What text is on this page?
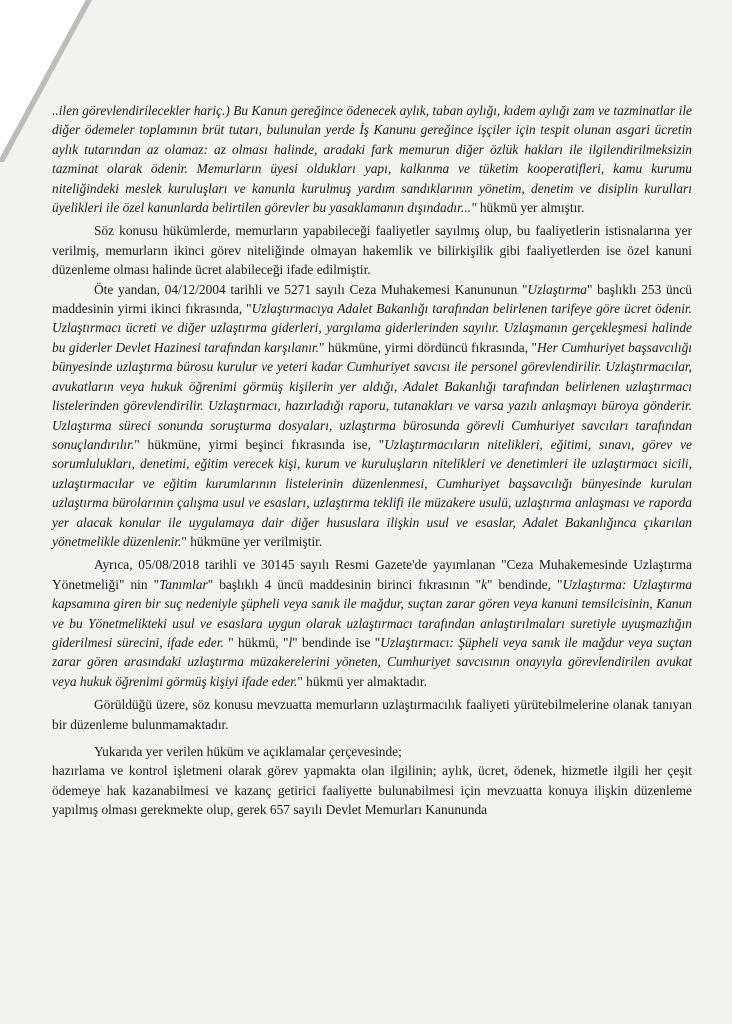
..ilen görevlendirilecekler hariç.) Bu Kanun gereğince ödenecek aylık, taban aylığı, kıdem aylığı zam ve tazminatlar ile diğer ödemeler toplamının brüt tutarı, bulunulan yerde İş Kanunu gereğince işçiler için tespit olunan asgari ücretin aylık tutarından az olamaz: az olması halinde, aradaki fark memurun diğer özlük hakları ile ilgilendirilmeksizin tazminat olarak ödenir. Memurların üyesi oldukları yapı, kalkınma ve tüketim kooperatifleri, kamu kurumu niteliğindeki meslek kuruluşları ve kanunla kurulmuş yardım sandıklarının yönetim, denetim ve disiplin kurulları üyelikleri ile özel kanunlarda belirtilen görevler bu yasaklamanın dışındadır..." hükmü yer almıştır.

Söz konusu hükümlerde, memurların yapabileceği faaliyetler sayılmış olup, bu faaliyetlerin istisnalarına yer verilmiş, memurların ikinci görev niteliğinde olmayan hakemlik ve bilirkişilik gibi faaliyetlerden ise özel kanuni düzenleme olması halinde ücret alabileceği ifade edilmiştir.

Öte yandan, 04/12/2004 tarihli ve 5271 sayılı Ceza Muhakemesi Kanununun "Uzlaştırma" başlıklı 253 üncü maddesinin yirmi ikinci fıkrasında, "Uzlaştırmacıya Adalet Bakanlığı tarafından belirlenen tarifeye göre ücret ödenir. Uzlaştırmacı ücreti ve diğer uzlaştırma giderleri, yargılama giderlerinden sayılır. Uzlaşmanın gerçekleşmesi halinde bu giderler Devlet Hazinesi tarafından karşılanır." hükmüne, yirmi dördüncü fıkrasında, "Her Cumhuriyet başsavcılığı bünyesinde uzlaştırma bürosu kurulur ve yeteri kadar Cumhuriyet savcısı ile personel görevlendirilir. Uzlaştırmacılar, avukatların veya hukuk öğrenimi görmüş kişilerin yer aldığı, Adalet Bakanlığı tarafından belirlenen uzlaştırmacı listelerinden görevlendirilir. Uzlaştırmacı, hazırladığı raporu, tutanakları ve varsa yazılı anlaşmayı büroya gönderir. Uzlaştırma süreci sonunda soruşturma dosyaları, uzlaştırma bürosunda görevli Cumhuriyet savcıları tarafından sonuçlandırılır." hükmüne, yirmi beşinci fıkrasında ise, "Uzlaştırmacıların nitelikleri, eğitimi, sınavı, görev ve sorumlulukları, denetimi, eğitim verecek kişi, kurum ve kuruluşların nitelikleri ve denetimleri ile uzlaştırmacı sicili, uzlaştırmacılar ve eğitim kurumlarının listelerinin düzenlenmesi, Cumhuriyet başsavcılığı bünyesinde kurulan uzlaştırma bürolarının çalışma usul ve esasları, uzlaştırma teklifi ile müzakere usulü, uzlaştırma anlaşması ve raporda yer alacak konular ile uygulamaya dair diğer hususlara ilişkin usul ve esaslar, Adalet Bakanlığınca çıkarılan yönetmelikle düzenlenir." hükmüne yer verilmiştir.

Ayrıca, 05/08/2018 tarihli ve 30145 sayılı Resmi Gazete'de yayımlanan "Ceza Muhakemesinde Uzlaştırma Yönetmeliği" nin "Tanımlar" başlıklı 4 üncü maddesinin birinci fıkrasının "k" bendinde, "Uzlaştırma: Uzlaştırma kapsamına giren bir suç nedeniyle şüpheli veya sanık ile mağdur, suçtan zarar gören veya kanuni temsilcisinin, Kanun ve bu Yönetmelikteki usul ve esaslara uygun olarak uzlaştırmacı tarafından anlaştırılmaları suretiyle uyuşmazlığın giderilmesi sürecini, ifade eder. " hükmü, "l" bendinde ise "Uzlaştırmacı: Şüpheli veya sanık ile mağdur veya suçtan zarar gören arasındaki uzlaştırma müzakerelerini yöneten, Cumhuriyet savcısının onayıyla görevlendirilen avukat veya hukuk öğrenimi görmüş kişiyi ifade eder." hükmü yer almaktadır.

Görüldüğü üzere, söz konusu mevzuatta memurların uzlaştırmacılık faaliyeti yürütebilmelerine olanak tanıyan bir düzenleme bulunmamaktadır.

Yukarıda yer verilen hüküm ve açıklamalar çerçevesinde;

hazırlama ve kontrol işletmeni olarak görev yapmakta olan ilgilinin; aylık, ücret, ödenek, hizmetle ilgili her çeşit ödemeye hak kazanabilmesi ve kazanç getirici faaliyette bulunabilmesi için mevzuatta konuya ilişkin düzenleme yapılmış olması gerekmekte olup, gerek 657 sayılı Devlet Memurları Kanununda
